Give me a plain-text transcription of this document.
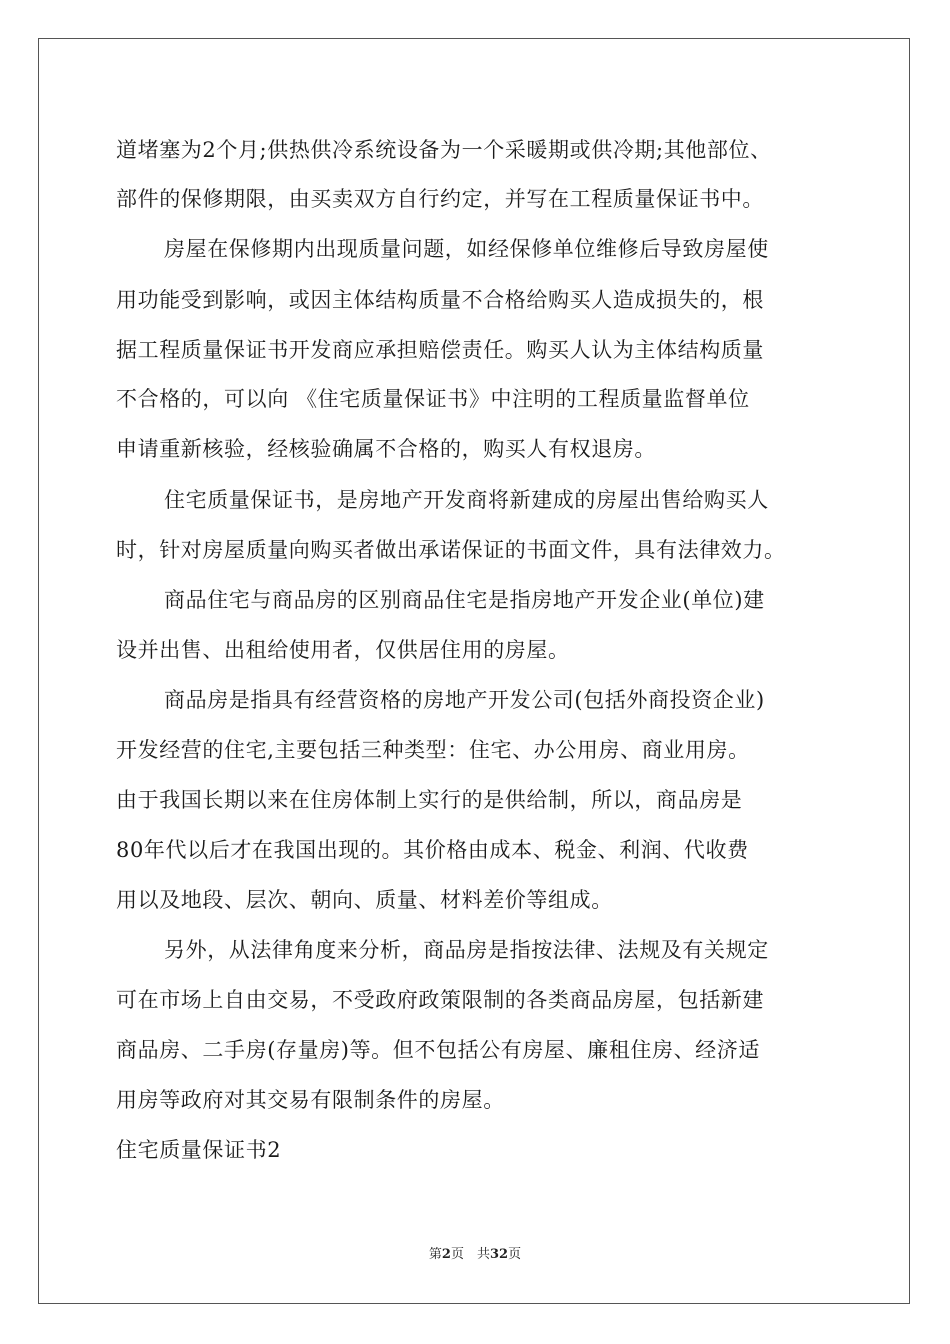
道堵塞为2个月;供热供冷系统设备为一个采暖期或供冷期;其他部位、
部件的保修期限，由买卖双方自行约定，并写在工程质量保证书中。
房屋在保修期内出现质量问题，如经保修单位维修后导致房屋使
用功能受到影响，或因主体结构质量不合格给购买人造成损失的，根
据工程质量保证书开发商应承担赔偿责任。购买人认为主体结构质量
不合格的，可以向 《住宅质量保证书》中注明的工程质量监督单位
申请重新核验，经核验确属不合格的，购买人有权退房。
住宅质量保证书，是房地产开发商将新建成的房屋出售给购买人
时，针对房屋质量向购买者做出承诺保证的书面文件，具有法律效力。
商品住宅与商品房的区别商品住宅是指房地产开发企业(单位)建
设并出售、出租给使用者，仅供居住用的房屋。
商品房是指具有经营资格的房地产开发公司(包括外商投资企业)
开发经营的住宅,主要包括三种类型：住宅、办公用房、商业用房。
由于我国长期以来在住房体制上实行的是供给制，所以，商品房是
80年代以后才在我国出现的。其价格由成本、税金、利润、代收费
用以及地段、层次、朝向、质量、材料差价等组成。
另外，从法律角度来分析，商品房是指按法律、法规及有关规定
可在市场上自由交易，不受政府政策限制的各类商品房屋，包括新建
商品房、二手房(存量房)等。但不包括公有房屋、廉租住房、经济适
用房等政府对其交易有限制条件的房屋。
住宅质量保证书2
第2页　共32页
